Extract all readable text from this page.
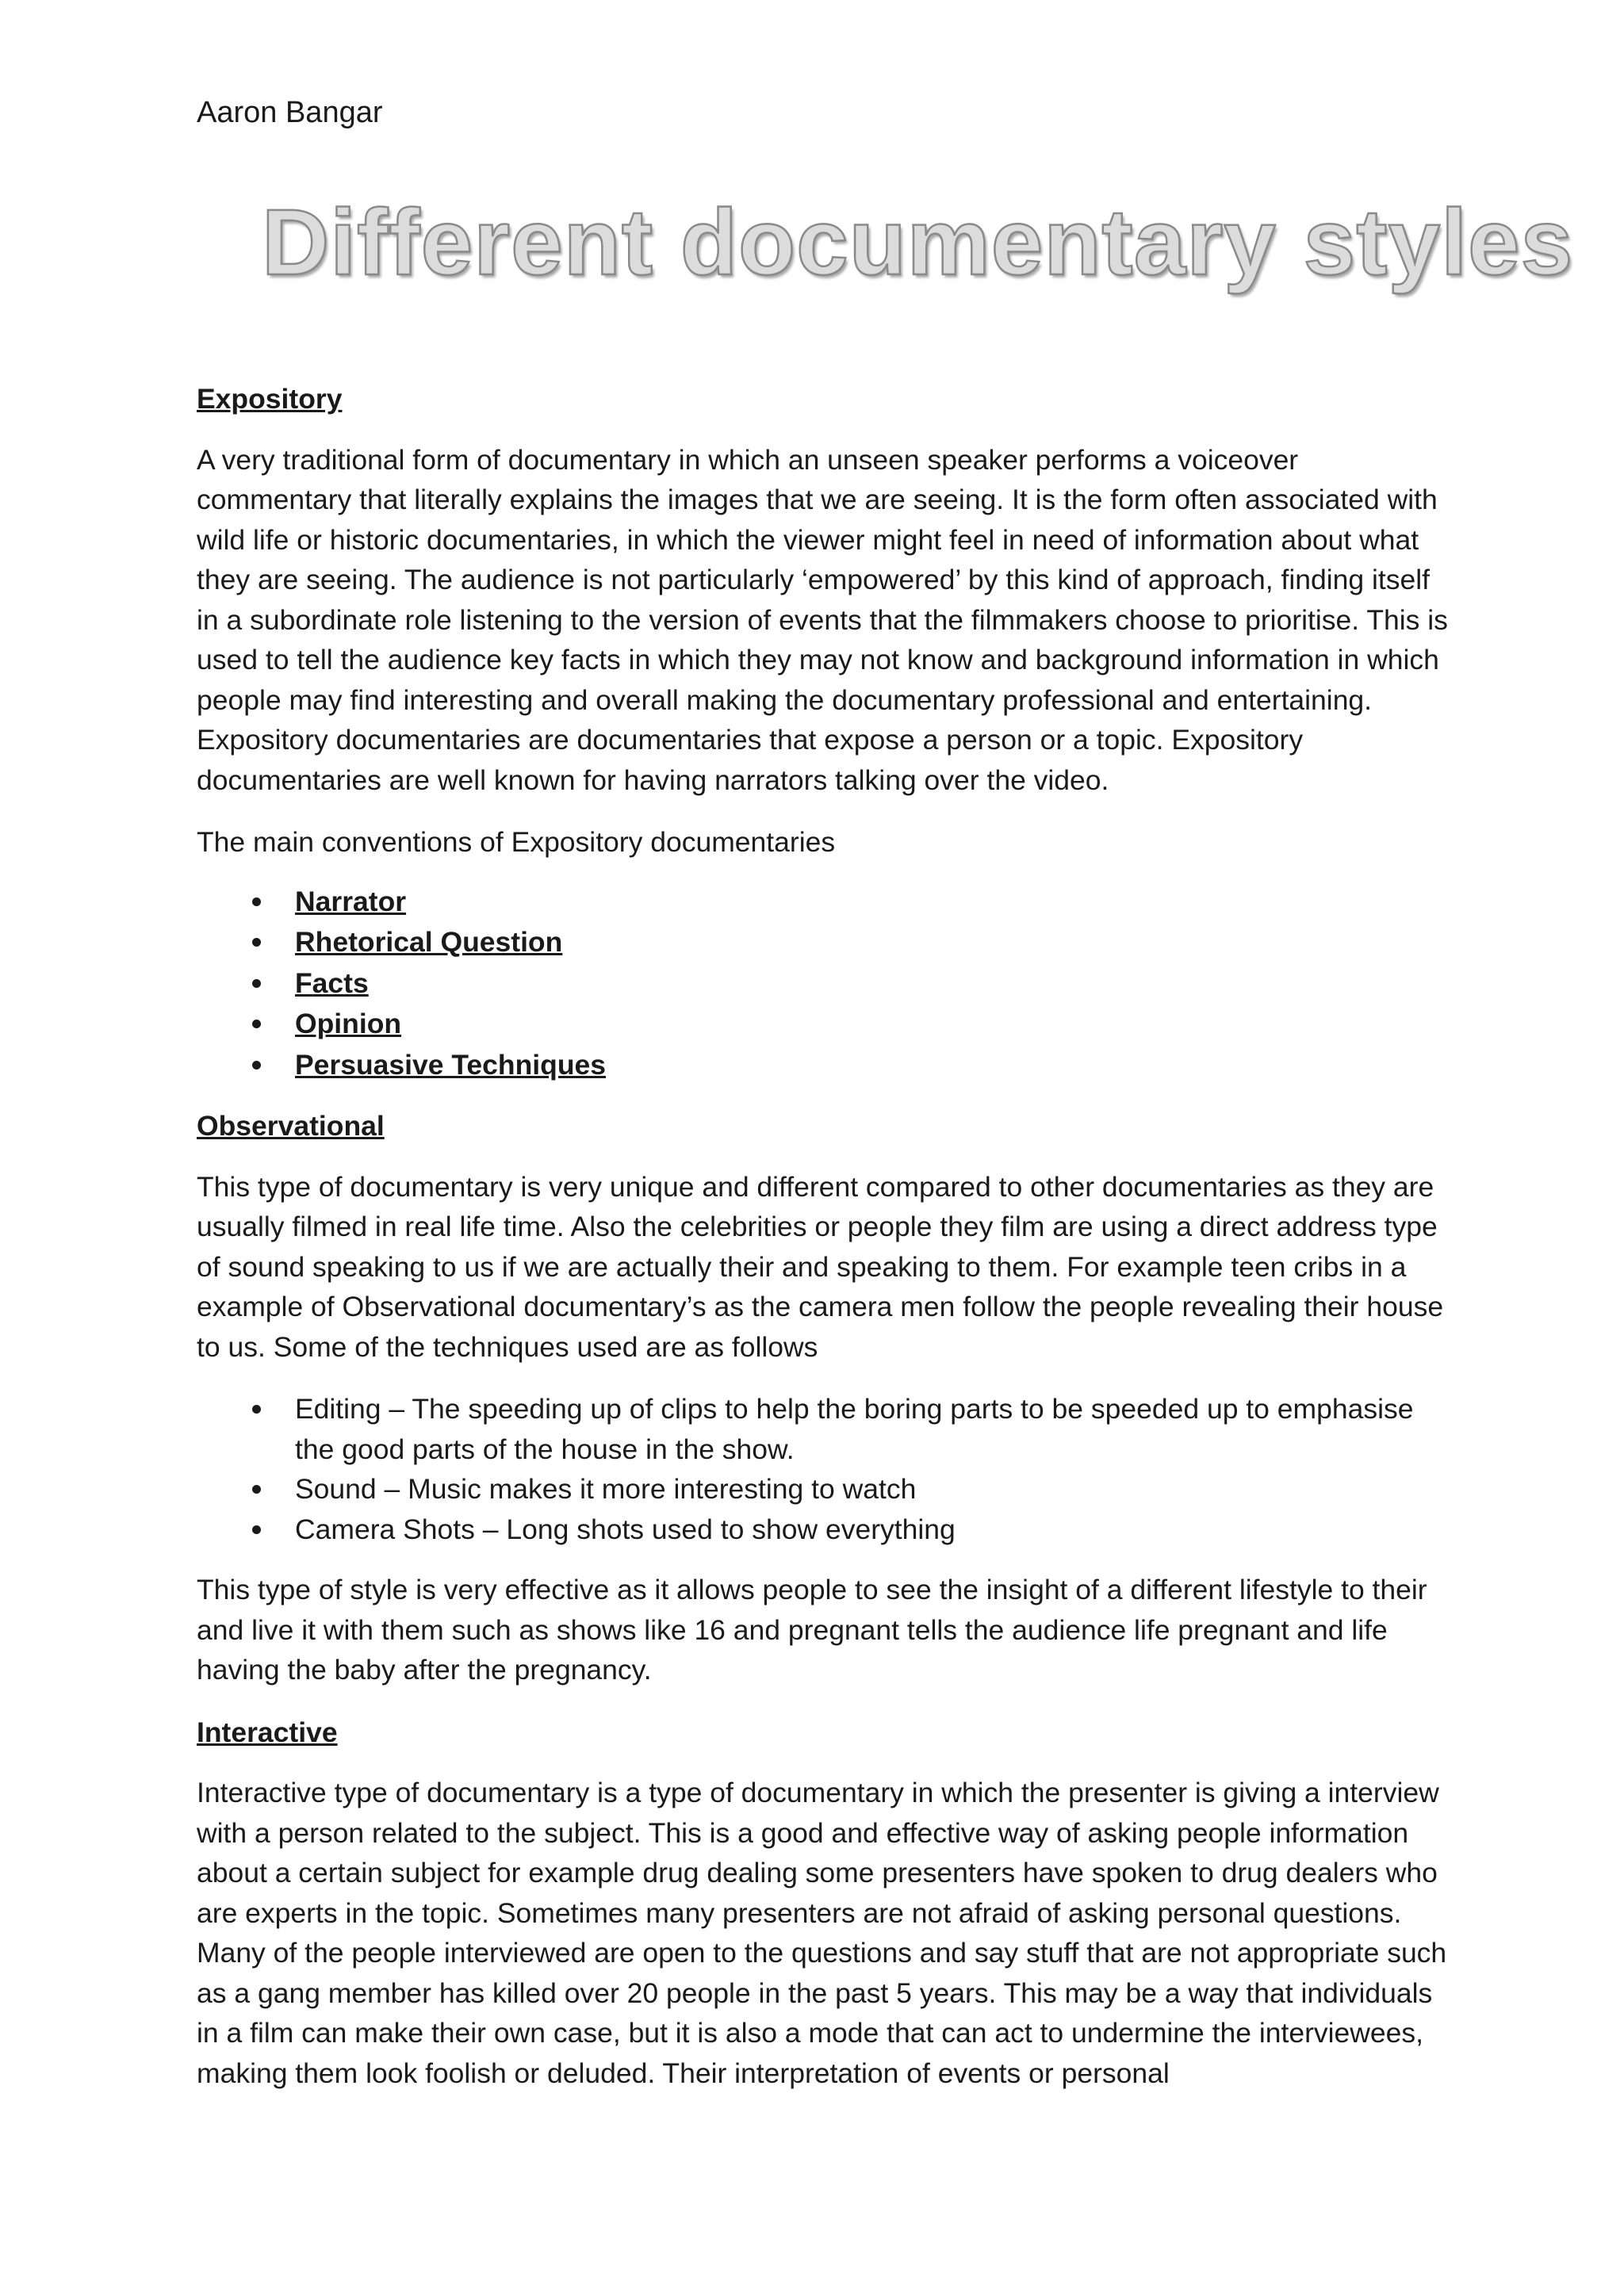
Aaron Bangar
Different documentary styles
Expository

A very traditional form of documentary in which an unseen speaker performs a voiceover commentary that literally explains the images that we are seeing. It is the form often associated with wild life or historic documentaries, in which the viewer might feel in need of information about what they are seeing. The audience is not particularly ‘empowered’ by this kind of approach, finding itself in a subordinate role listening to the version of events that the filmmakers choose to prioritise. This is used to tell the audience key facts in which they may not know and background information in which people may find interesting and overall making the documentary professional and entertaining. Expository documentaries are documentaries that expose a person or a topic. Expository documentaries are well known for having narrators talking over the video.

The main conventions of Expository documentaries

Narrator
Rhetorical Question
Facts
Opinion
Persuasive Techniques
Observational

This type of documentary is very unique and different compared to other documentaries as they are usually filmed in real life time. Also the celebrities or people they film are using a direct address type of sound speaking to us if we are actually their and speaking to them. For example teen cribs in a example of Observational documentary’s as the camera men follow the people revealing their house to us. Some of the techniques used are as follows

Editing – The speeding up of clips to help the boring parts to be speeded up to emphasise the good parts of the house in the show.
Sound – Music makes it more interesting to watch
Camera Shots – Long shots used to show everything

This type of style is very effective as it allows people to see the insight of a different lifestyle to their and live it with them such as shows like 16 and pregnant tells the audience life pregnant and life having the baby after the pregnancy.

Interactive

Interactive type of documentary is a type of documentary in which the presenter is giving a interview with a person related to the subject. This is a good and effective way of asking people information about a certain subject for example drug dealing some presenters have spoken to drug dealers who are experts in the topic. Sometimes many presenters are not afraid of asking personal questions. Many of the people interviewed are open to the questions and say stuff that are not appropriate such as a gang member has killed over 20 people in the past 5 years. This may be a way that individuals in a film can make their own case, but it is also a mode that can act to undermine the interviewees, making them look foolish or deluded. Their interpretation of events or personal
